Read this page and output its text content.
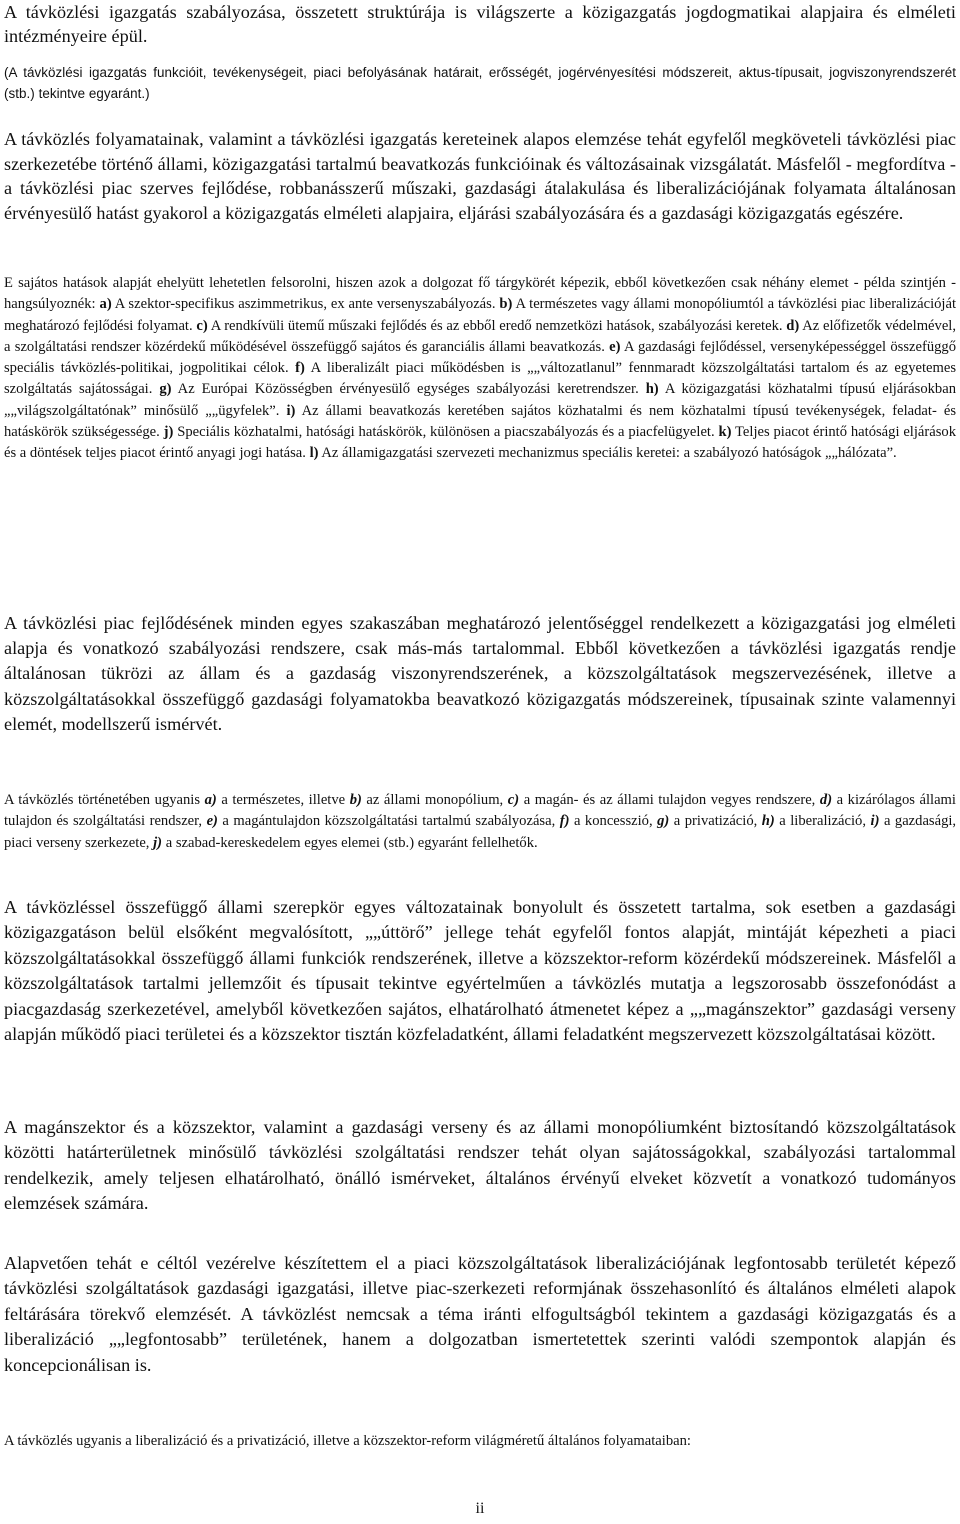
A távközlési igazgatás szabályozása, összetett struktúrája is világszerte a közigazgatás jogdogmatikai alapjaira és elméleti intézményeire épül.

(A távközlési igazgatás funkcióit, tevékenységeit, piaci befolyásának határait, erősségét, jogérvényesítési módszereit, aktus-típusait, jogviszonyrendszerét (stb.) tekintve egyaránt.)

A távközlés folyamatainak, valamint a távközlési igazgatás kereteinek alapos elemzése tehát egyfelől megköveteli távközlési piac szerkezetébe történő állami, közigazgatási tartalmú beavatkozás funkcióinak és változásainak vizsgálatát. Másfelől - megfordítva - a távközlési piac szerves fejlődése, robbanásszerű műszaki, gazdasági átalakulása és liberalizációjának folyamata általánosan érvényesülő hatást gyakorol a közigazgatás elméleti alapjaira, eljárási szabályozására és a gazdasági közigazgatás egészére.

E sajátos hatások alapját ehelyütt lehetetlen felsorolni, hiszen azok a dolgozat fő tárgykörét képezik, ebből következően csak néhány elemet - példa szintjén - hangsúlyoznék: a) A szektor-specifikus aszimmetrikus, ex ante versenyszabályozás. b) A természetes vagy állami monopóliumtól a távközlési piac liberalizációját meghatározó fejlődési folyamat. c) A rendkívüli ütemű műszaki fejlődés és az ebből eredő nemzetközi hatások, szabályozási keretek. d) Az előfizetők védelmével, a szolgáltatási rendszer közérdekű működésével összefüggő sajátos és garanciális állami beavatkozás. e) A gazdasági fejlődéssel, versenyképességgel összefüggő speciális távközlés-politikai, jogpolitikai célok. f) A liberalizált piaci működésben is „„változatlanul” fennmaradt közszolgáltatási tartalom és az egyetemes szolgáltatás sajátosságai. g) Az Európai Közösségben érvényesülő egységes szabályozási keretrendszer. h) A közigazgatási közhatalmi típusú eljárásokban „„világszolgáltatónak” minősülő „„ügyfelek”. i) Az állami beavatkozás keretében sajátos közhatalmi és nem közhatalmi típusú tevékenységek, feladat- és hatáskörök szükségessége. j) Speciális közhatalmi, hatósági hatáskörök, különösen a piacszabályozás és a piacfelügyelet. k) Teljes piacot érintő hatósági eljárások és a döntések teljes piacot érintő anyagi jogi hatása. l) Az államigazgatási szervezeti mechanizmus speciális keretei: a szabályozó hatóságok „„hálózata”.

A távközlési piac fejlődésének minden egyes szakaszában meghatározó jelentőséggel rendelkezett a közigazgatási jog elméleti alapja és vonatkozó szabályozási rendszere, csak más-más tartalommal. Ebből következően a távközlési igazgatás rendje általánosan tükrözi az állam és a gazdaság viszonyrendszerének, a közszolgáltatások megszervezésének, illetve a közszolgáltatásokkal összefüggő gazdasági folyamatokba beavatkozó közigazgatás módszereinek, típusainak szinte valamennyi elemét, modellszerű ismérvét.

A távközlés történetében ugyanis a) a természetes, illetve b) az állami monopólium, c) a magán- és az állami tulajdon vegyes rendszere, d) a kizárólagos állami tulajdon és szolgáltatási rendszer, e) a magántulajdon közszolgáltatási tartalmú szabályozása, f) a koncesszió, g) a privatizáció, h) a liberalizáció, i) a gazdasági, piaci verseny szerkezete, j) a szabad-kereskedelem egyes elemei (stb.) egyaránt fellelhetők.

A távközléssel összefüggő állami szerepkör egyes változatainak bonyolult és összetett tartalma, sok esetben a gazdasági közigazgatáson belül elsőként megvalósított, „„úttörő” jellege tehát egyfelől fontos alapját, mintáját képezheti a piaci közszolgáltatásokkal összefüggő állami funkciók rendszerének, illetve a közszektor-reform közérdekű módszereinek. Másfelől a közszolgáltatások tartalmi jellemzőit és típusait tekintve egyértelműen a távközlés mutatja a legszorosabb összefonódást a piacgazdaság szerkezetével, amelyből következően sajátos, elhatárolható átmenetet képez a „„magánszektor” gazdasági verseny alapján működő piaci területei és a közszektor tisztán közfeladatként, állami feladatként megszervezett közszolgáltatásai között.

A magánszektor és a közszektor, valamint a gazdasági verseny és az állami monopóliumként biztosítandó közszolgáltatások közötti határterületnek minősülő távközlési szolgáltatási rendszer tehát olyan sajátosságokkal, szabályozási tartalommal rendelkezik, amely teljesen elhatárolható, önálló ismérveket, általános érvényű elveket közvetít a vonatkozó tudományos elemzések számára.

Alapvetően tehát e céltól vezérelve készítettem el a piaci közszolgáltatások liberalizációjának legfontosabb területét képező távközlési szolgáltatások gazdasági igazgatási, illetve piac-szerkezeti reformjának összehasonlító és általános elméleti alapok feltárására törekvő elemzését. A távközlést nemcsak a téma iránti elfogultságból tekintem a gazdasági közigazgatás és a liberalizáció „„legfontosabb” területének, hanem a dolgozatban ismertetettek szerinti valódi szempontok alapján és koncepcionálisan is.

A távközlés ugyanis a liberalizáció és a privatizáció, illetve a közszektor-reform világméretű általános folyamataiban:

ii
